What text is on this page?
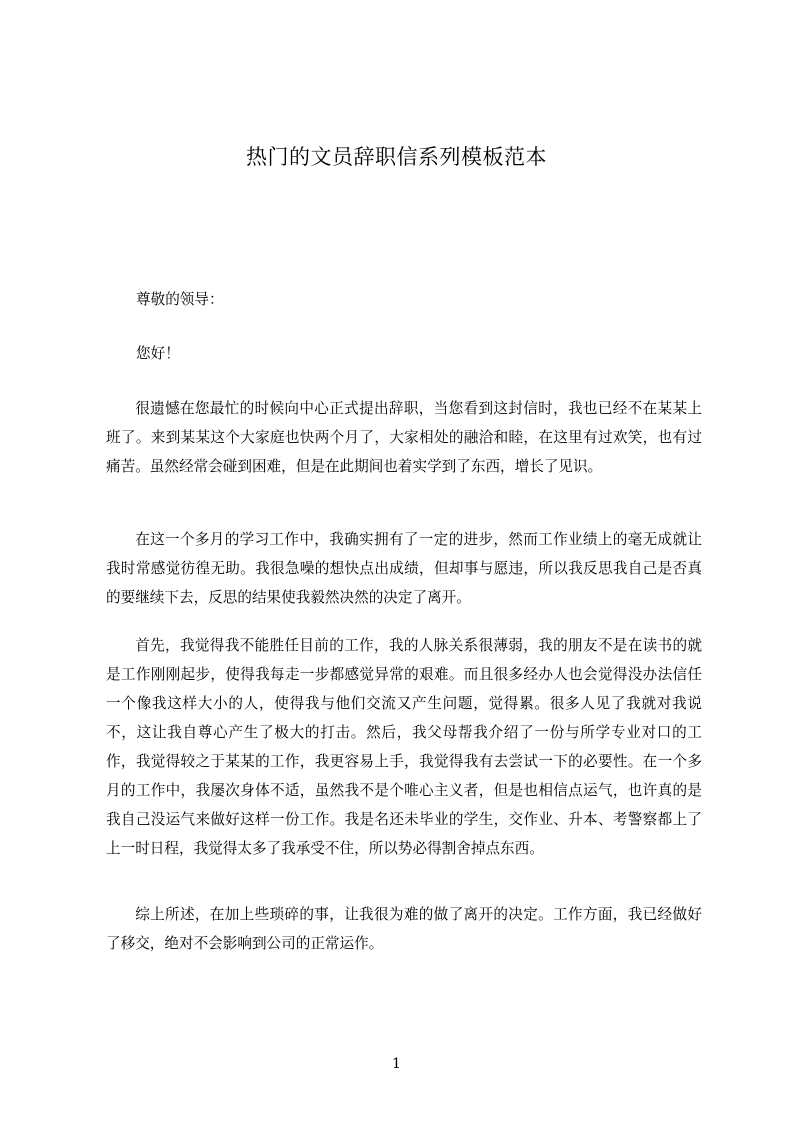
热门的文员辞职信系列模板范本
尊敬的领导：
您好！
很遗憾在您最忙的时候向中心正式提出辞职，当您看到这封信时，我也已经不在某某上班了。来到某某这个大家庭也快两个月了，大家相处的融洽和睦，在这里有过欢笑，也有过痛苦。虽然经常会碰到困难，但是在此期间也着实学到了东西，增长了见识。
在这一个多月的学习工作中，我确实拥有了一定的进步，然而工作业绩上的毫无成就让我时常感觉彷徨无助。我很急噪的想快点出成绩，但却事与愿违，所以我反思我自己是否真的要继续下去，反思的结果使我毅然决然的决定了离开。
首先，我觉得我不能胜任目前的工作，我的人脉关系很薄弱，我的朋友不是在读书的就是工作刚刚起步，使得我每走一步都感觉异常的艰难。而且很多经办人也会觉得没办法信任一个像我这样大小的人，使得我与他们交流又产生问题，觉得累。很多人见了我就对我说不，这让我自尊心产生了极大的打击。然后，我父母帮我介绍了一份与所学专业对口的工作，我觉得较之于某某的工作，我更容易上手，我觉得我有去尝试一下的必要性。在一个多月的工作中，我屡次身体不适，虽然我不是个唯心主义者，但是也相信点运气，也许真的是我自己没运气来做好这样一份工作。我是名还未毕业的学生，交作业、升本、考警察都上了上一时日程，我觉得太多了我承受不住，所以势必得割舍掉点东西。
综上所述，在加上些琐碎的事，让我很为难的做了离开的决定。工作方面，我已经做好了移交，绝对不会影响到公司的正常运作。
1
